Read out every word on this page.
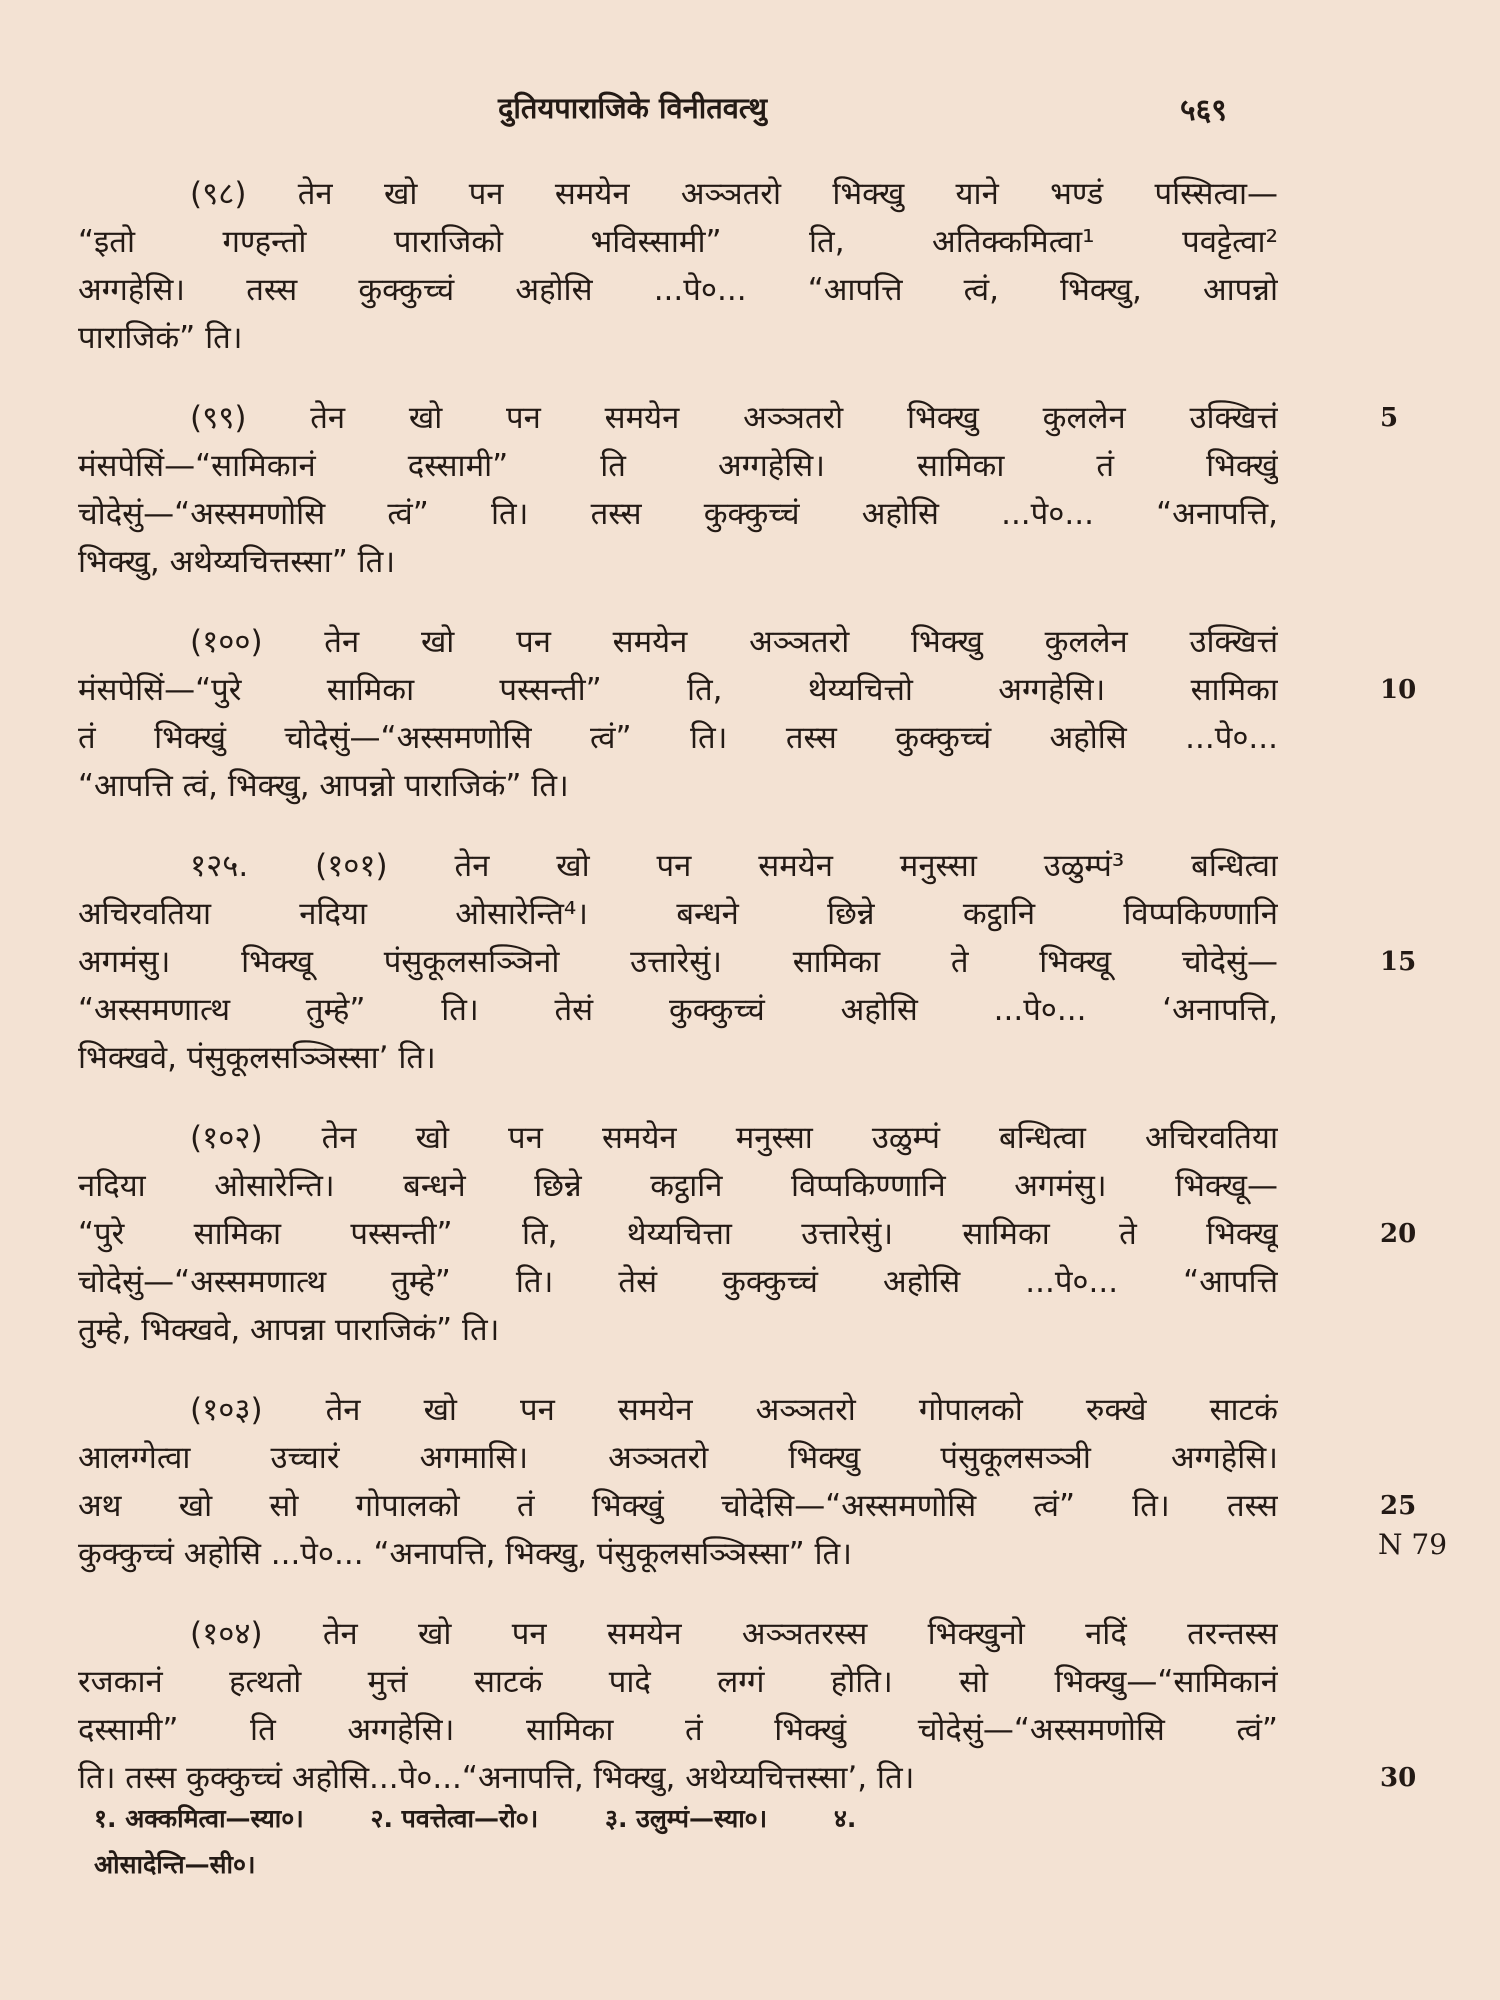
दुतियपाराजिके विनीतवत्थु	५६९
(९८) तेन खो पन समयेन अञ्ञतरो भिक्खु याने भण्डं पस्सित्वा—
“इतो गण्हन्तो पाराजिको भविस्सामी” ति, अतिक्कमित्वा¹ पवट्टेत्वा²
अग्गहेसि। तस्स कुक्कुच्चं अहोसि ...पे०... “आपत्ति त्वं, भिक्खु, आपन्नो
पाराजिकं” ति।
5
(९९) तेन खो पन समयेन अञ्ञतरो भिक्खु कुललेन उक्खित्तं
मंसपेसिं—“सामिकानं दस्सामी” ति अग्गहेसि। सामिका तं भिक्खुं
चोदेसुं—“अस्समणोसि त्वं” ति। तस्स कुक्कुच्चं अहोसि ...पे०... “अनापत्ति,
भिक्खु, अथेय्यचित्तस्सा” ति।
10
(१००) तेन खो पन समयेन अञ्ञतरो भिक्खु कुललेन उक्खित्तं
मंसपेसिं—“पुरे सामिका पस्सन्ती” ति, थेय्यचित्तो अग्गहेसि। सामिका
तं भिक्खुं चोदेसुं—“अस्समणोसि त्वं” ति। तस्स कुक्कुच्चं अहोसि ...पे०...
“आपत्ति त्वं, भिक्खु, आपन्नो पाराजिकं” ति।
15
१२५. (१०१) तेन खो पन समयेन मनुस्सा उळुम्पं³ बन्धित्वा
अचिरवतिया नदिया ओसारेन्ति⁴। बन्धने छिन्ने कट्ठानि विप्पकिण्णानि
अगमंसु। भिक्खू पंसुकूलसञ्ञिनो उत्तारेसुं। सामिका ते भिक्खू चोदेसुं—
“अस्समणात्थ तुम्हे” ति। तेसं कुक्कुच्चं अहोसि ...पे०... ‘अनापत्ति,
भिक्खवे, पंसुकूलसञ्ञिस्सा’ ति।
20
(१०२) तेन खो पन समयेन मनुस्सा उळुम्पं बन्धित्वा अचिरवतिया
नदिया ओसारेन्ति। बन्धने छिन्ने कट्ठानि विप्पकिण्णानि अगमंसु। भिक्खू—
“पुरे सामिका पस्सन्ती” ति, थेय्यचित्ता उत्तारेसुं। सामिका ते भिक्खू
चोदेसुं—“अस्समणात्थ तुम्हे” ति। तेसं कुक्कुच्चं अहोसि ...पे०... “आपत्ति
तुम्हे, भिक्खवे, आपन्ना पाराजिकं” ति।
25
(१०३) तेन खो पन समयेन अञ्ञतरो गोपालको रुक्खे साटकं
आलग्गेत्वा उच्चारं अगमासि। अञ्ञतरो भिक्खु पंसुकूलसञ्ञी अग्गहेसि।
अथ खो सो गोपालको तं भिक्खुं चोदेसि—“अस्समणोसि त्वं” ति। तस्स
कुक्कुच्चं अहोसि ...पे०... “अनापत्ति, भिक्खु, पंसुकूलसञ्ञिस्सा” ति।
30
(१०४) तेन खो पन समयेन अञ्ञतरस्स भिक्खुनो नदिं तरन्तस्स
रजकानं हत्थतो मुत्तं साटकं पादे लग्गं होति। सो भिक्खु—“सामिकानं
दस्सामी” ति अग्गहेसि। सामिका तं भिक्खुं चोदेसुं—“अस्समणोसि त्वं”
ति। तस्स कुक्कुच्चं अहोसि...पे०...“अनापत्ति, भिक्खु, अथेय्यचित्तस्सा’, ति।
N 79
१. अक्कमित्वा—स्या०।	२. पवत्तेत्वा—रो०।	३. उलुम्पं—स्या०।	४.
ओसादेन्ति—सी०।
